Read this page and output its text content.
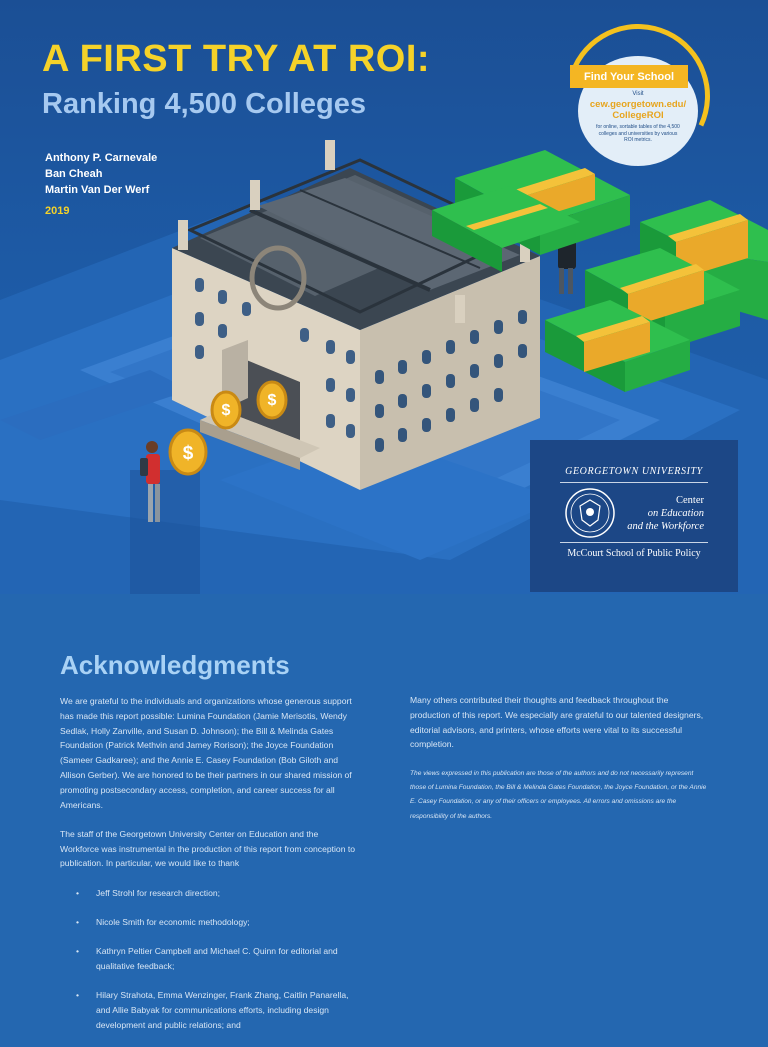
$
$
$
A FIRST TRY AT ROI:
Ranking 4,500 Colleges
Anthony P. Carnevale
Ban Cheah
Martin Van Der Werf
2019
Find Your School
Visit
cew.georgetown.edu/ CollegeROI
for online, sortable tables of the 4,500 colleges and universities by various ROI metrics.
GEORGETOWN UNIVERSITY
Center
on Education
and the Workforce
McCourt School of Public Policy
Acknowledgments

We are grateful to the individuals and organizations whose generous support has made this report possible: Lumina Foundation (Jamie Merisotis, Wendy Sedlak, Holly Zanville, and Susan D. Johnson); the Bill & Melinda Gates Foundation (Patrick Methvin and Jamey Rorison); the Joyce Foundation (Sameer Gadkaree); and the Annie E. Casey Foundation (Bob Giloth and Allison Gerber). We are honored to be their partners in our shared mission of promoting postsecondary access, completion, and career success for all Americans.

The staff of the Georgetown University Center on Education and the Workforce was instrumental in the production of this report from conception to publication. In particular, we would like to thank

• Jeff Strohl for research direction;
• Nicole Smith for economic methodology;
• Kathryn Peltier Campbell and Michael C. Quinn for editorial and qualitative feedback;
• Hilary Strahota, Emma Wenzinger, Frank Zhang, Caitlin Panarella, and Allie Babyak for communications efforts, including design development and public relations; and

Many others contributed their thoughts and feedback throughout the production of this report. We especially are grateful to our talented designers, editorial advisors, and printers, whose efforts were vital to its successful completion.

The views expressed in this publication are those of the authors and do not necessarily represent those of Lumina Foundation, the Bill & Melinda Gates Foundation, the Joyce Foundation, or the Annie E. Casey Foundation, or any of their officers or employees. All errors and omissions are the responsibility of the authors.
